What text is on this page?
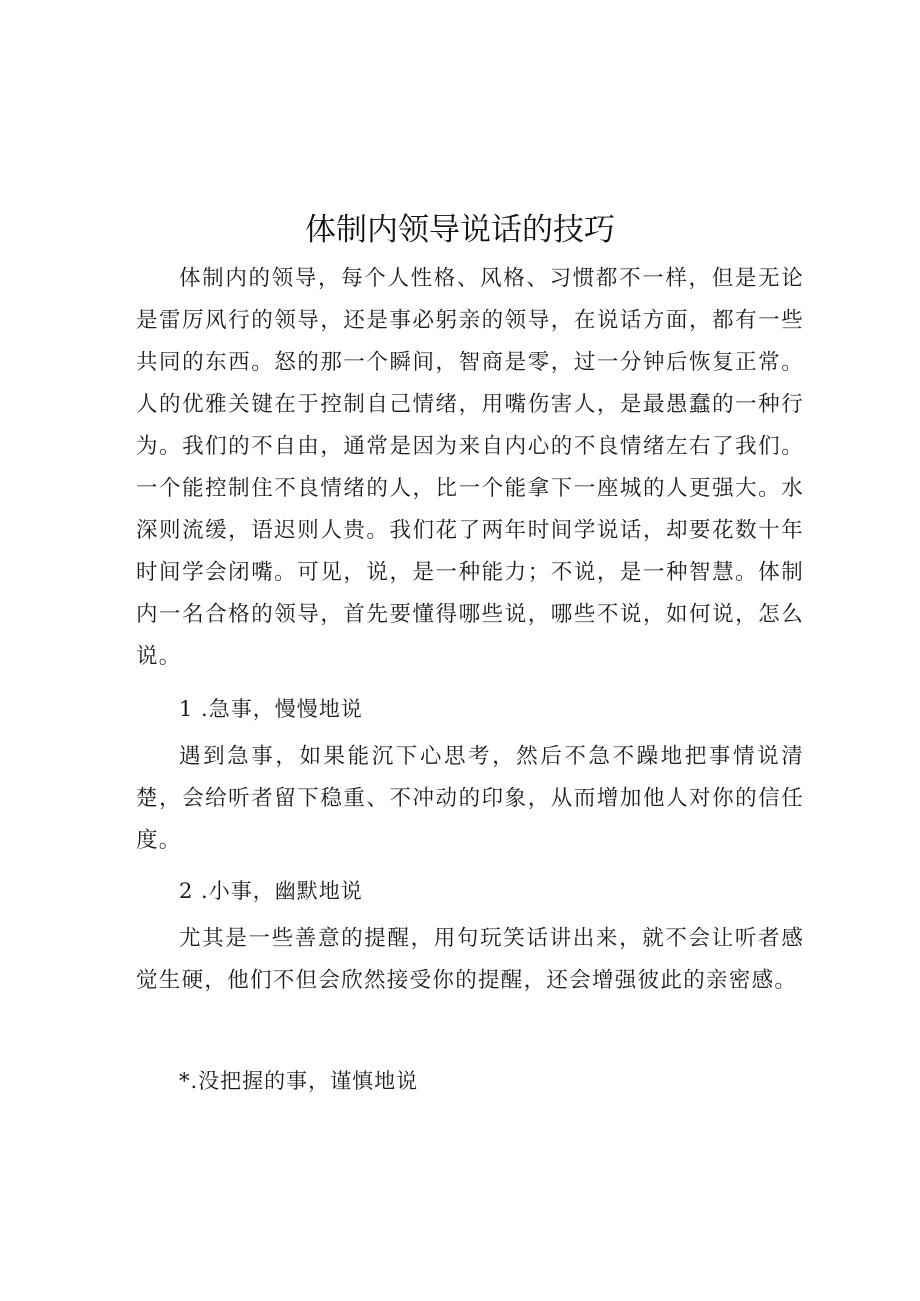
体制内领导说话的技巧

体制内的领导，每个人性格、风格、习惯都不一样，但是无论是雷厉风行的领导，还是事必躬亲的领导，在说话方面，都有一些共同的东西。怒的那一个瞬间，智商是零，过一分钟后恢复正常。人的优雅关键在于控制自己情绪，用嘴伤害人，是最愚蠢的一种行为。我们的不自由，通常是因为来自内心的不良情绪左右了我们。一个能控制住不良情绪的人，比一个能拿下一座城的人更强大。水深则流缓，语迟则人贵。我们花了两年时间学说话，却要花数十年时间学会闭嘴。可见，说，是一种能力；不说，是一种智慧。体制内一名合格的领导，首先要懂得哪些说，哪些不说，如何说，怎么说。

1 .急事，慢慢地说

遇到急事，如果能沉下心思考，然后不急不躁地把事情说清楚，会给听者留下稳重、不冲动的印象，从而增加他人对你的信任度。

2 .小事，幽默地说

尤其是一些善意的提醒，用句玩笑话讲出来，就不会让听者感觉生硬，他们不但会欣然接受你的提醒，还会增强彼此的亲密感。

*.没把握的事，谨慎地说
